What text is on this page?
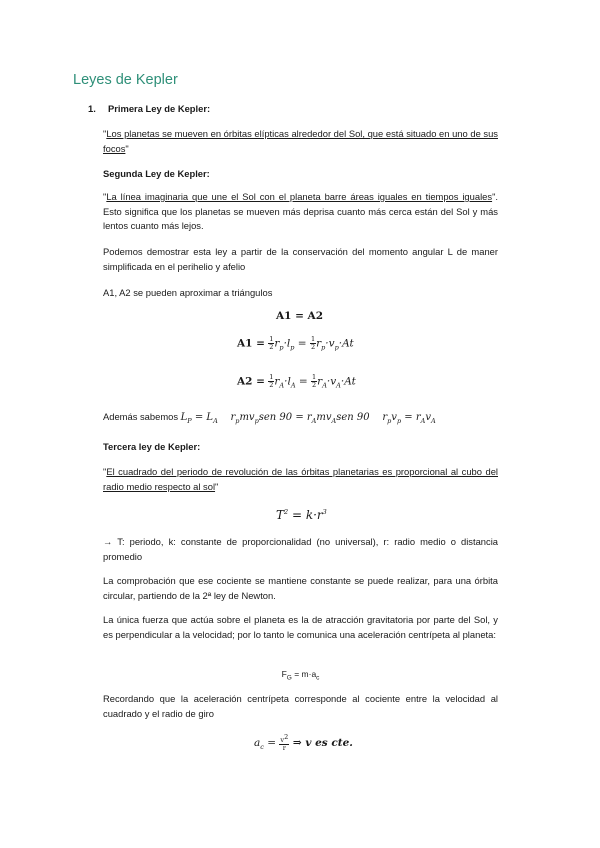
Leyes de Kepler
1. Primera Ley de Kepler:
"Los planetas se mueven en órbitas elípticas alrededor del Sol, que está situado en uno de sus focos"
Segunda Ley de Kepler:
"La línea imaginaria que une el Sol con el planeta barre áreas iguales en tiempos iguales". Esto significa que los planetas se mueven más deprisa cuanto más cerca están del Sol y más lentos cuanto más lejos.
Podemos demostrar esta ley a partir de la conservación del momento angular L de maner simplificada en el perihelio y afelio
A1, A2 se pueden aproximar a triángulos
A1 = A2
$A1 = \frac{1}{2} r_p\cdot l_p = \frac{1}{2} r_p\cdot v_p\cdot At$
$A2 = \frac{1}{2} r_A\cdot l_A = \frac{1}{2} r_A\cdot v_A\cdot At$
Además sabemos $L_P = L_A$    $r_pmv_psen$ $90 = r_Amv_Asen$ 90    $r_pv_p = r_Av_A$
Tercera ley de Kepler:
"El cuadrado del periodo de revolución de las órbitas planetarias es proporcional al cubo del radio medio respecto al sol"
$T^2 = k\cdot r^3$
→ T: periodo, k: constante de proporcionalidad (no universal), r: radio medio o distancia promedio
La comprobación que ese cociente se mantiene constante se puede realizar, para una órbita circular, partiendo de la 2ª ley de Newton.
La única fuerza que actúa sobre el planeta es la de atracción gravitatoria por parte del Sol, y es perpendicular a la velocidad; por lo tanto le comunica una aceleración centrípeta al planeta:
$F_G = m\cdot a_c$
Recordando que la aceleración centrípeta corresponde al cociente entre la velocidad al cuadrado y el radio de giro
$a_c = \frac{v^2}{r}$ ⇒ v es cte.
